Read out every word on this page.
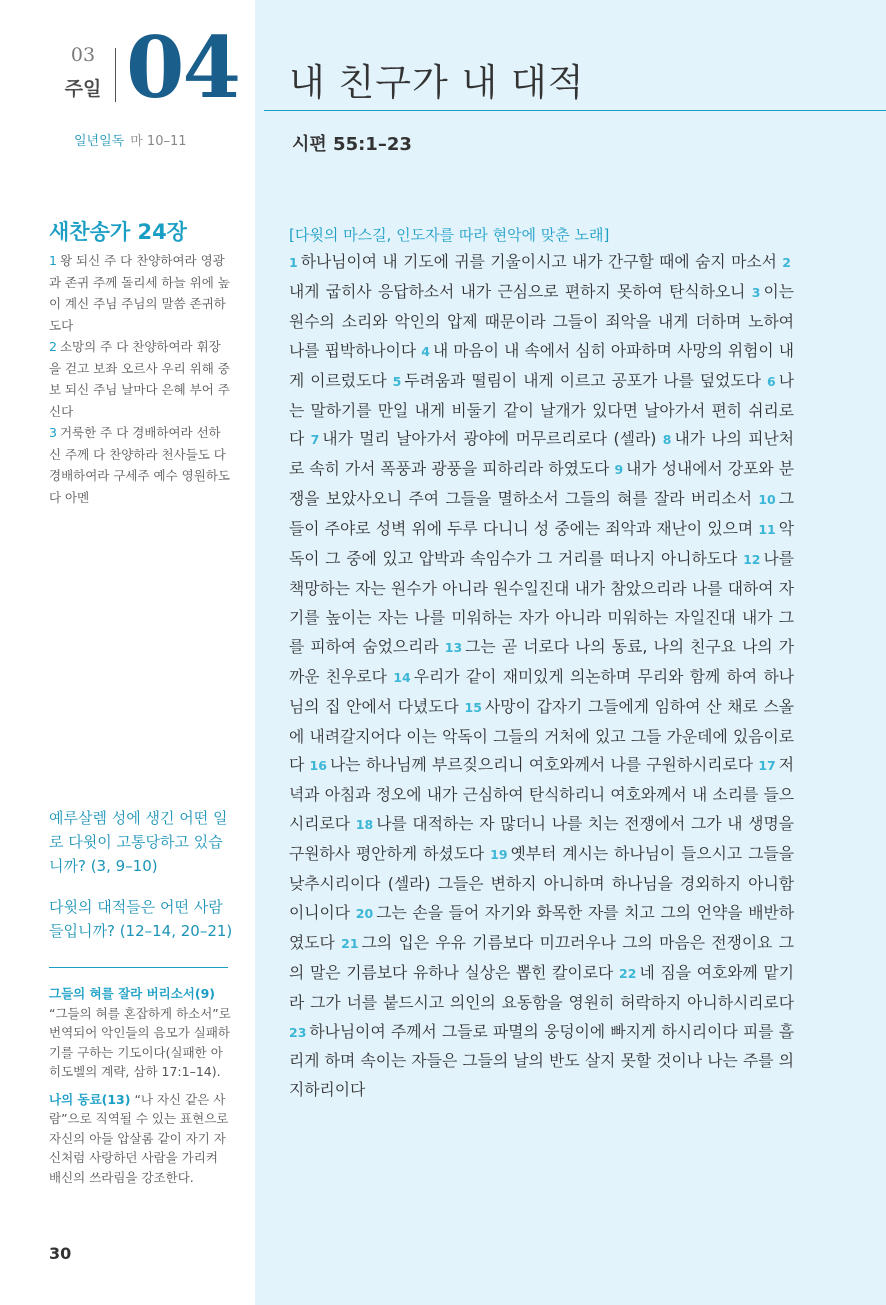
03
주일 04
일년일독 마 10–11
내 친구가 내 대적
시편 55:1–23
새찬송가 24장

1 왕 되신 주 다 찬양하여라 영광과 존귀 주께 돌리세 하늘 위에 높이 계신 주님 주님의 말씀 존귀하도다

2 소망의 주 다 찬양하여라 휘장을 걷고 보좌 오르사 우리 위해 중보 되신 주님 날마다 은혜 부어 주신다

3 거룩한 주 다 경배하여라 선하신 주께 다 찬양하라 천사들도 다 경배하여라 구세주 예수 영원하도다 아멘

예루살렘 성에 생긴 어떤 일로 다윗이 고통당하고 있습니까? (3, 9–10)
다윗의 대적들은 어떤 사람들입니까? (12–14, 20–21)

그들의 혀를 잘라 버리소서(9) “그들의 혀를 혼잡하게 하소서”로 번역되어 악인들의 음모가 실패하기를 구하는 기도이다(실패한 아히도벨의 계략, 삼하 17:1–14).

나의 동료(13) “나 자신 같은 사람”으로 직역될 수 있는 표현으로 자신의 아들 압살롬 같이 자기 자신처럼 사랑하던 사람을 가리켜 배신의 쓰라림을 강조한다.

30
[다윗의 마스길, 인도자를 따라 현악에 맞춘 노래]
1 하나님이여 내 기도에 귀를 기울이시고 내가 간구할 때에 숨지 마소서 2내게 굽히사 응답하소서 내가 근심으로 편하지 못하여 탄식하오니 3 이는 원수의 소리와 악인의 압제 때문이라 그들이 죄악을 내게 더하며 노하여 나를 핍박하나이다 4 내 마음이 내 속에서 심히 아파하며 사망의 위험이 내게 이르렀도다 5 두려움과 떨림이 내게 이르고 공포가 나를 덮었도다 6 나는 말하기를 만일 내게 비둘기 같이 날개가 있다면 날아가서 편히 쉬리로다 7 내가 멀리 날아가서 광야에 머무르리로다 (셀라) 8 내가 나의 피난처로 속히 가서 폭풍과 광풍을 피하리라 하였도다 9 내가 성내에서 강포와 분쟁을 보았사오니 주여 그들을 멸하소서 그들의 혀를 잘라 버리소서 10 그들이 주야로 성벽 위에 두루 다니니 성 중에는 죄악과 재난이 있으며 11 악독이 그 중에 있고 압박과 속임수가 그 거리를 떠나지 아니하도다 12 나를 책망하는 자는 원수가 아니라 원수일진대 내가 참았으리라 나를 대하여 자기를 높이는 자는 나를 미워하는 자가 아니라 미워하는 자일진대 내가 그를 피하여 숨었으리라 13 그는 곧 너로다 나의 동료, 나의 친구요 나의 가까운 친우로다 14 우리가 같이 재미있게 의논하며 무리와 함께 하여 하나님의 집 안에서 다녔도다 15 사망이 갑자기 그들에게 임하여 산 채로 스올에 내려갈지어다 이는 악독이 그들의 거처에 있고 그들 가운데에 있음이로다 16 나는 하나님께 부르짖으리니 여호와께서 나를 구원하시리로다 17 저녁과 아침과 정오에 내가 근심하여 탄식하리니 여호와께서 내 소리를 들으시리로다 18 나를 대적하는 자 많더니 나를 치는 전쟁에서 그가 내 생명을 구원하사 평안하게 하셨도다 19 옛부터 계시는 하나님이 들으시고 그들을 낮추시리이다 (셀라) 그들은 변하지 아니하며 하나님을 경외하지 아니함이니이다 20 그는 손을 들어 자기와 화목한 자를 치고 그의 언약을 배반하였도다 21 그의 입은 우유 기름보다 미끄러우나 그의 마음은 전쟁이요 그의 말은 기름보다 유하나 실상은 뽑힌 칼이로다 22 네 짐을 여호와께 맡기라 그가 너를 붙드시고 의인의 요동함을 영원히 허락하지 아니하시리로다 23 하나님이여 주께서 그들로 파멸의 웅덩이에 빠지게 하시리이다 피를 흘리게 하며 속이는 자들은 그들의 날의 반도 살지 못할 것이나 나는 주를 의지하리이다
